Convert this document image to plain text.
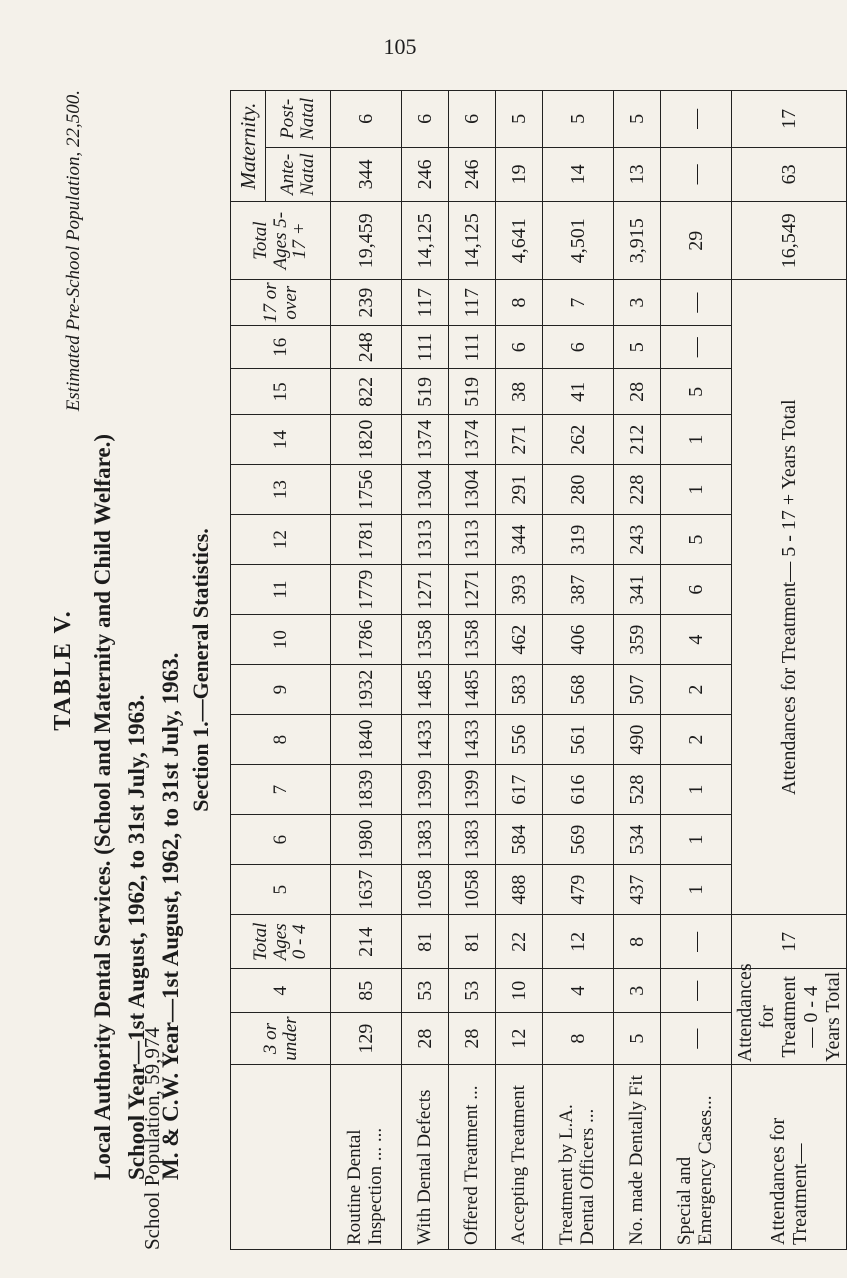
105
TABLE V. Local Authority Dental Services. (School and Maternity and Child Welfare.) School Year—1st August, 1962, to 31st July, 1963. M. & C.W. Year—1st August, 1962, to 31st July, 1963.
School Population, 59,974
Estimated Pre-School Population, 22,500.
Section 1.—General Statistics.
	3 or under	4	Total Ages 0 - 4	5	6	7	8	9	10	11	12	13	14	15	16	17 or over	Total Ages 5-17 +	Maternity.	
																		Ante-Natal	Post-Natal
Routine Dental Inspection ... ...	129	85	214	1637	1980	1839	1840	1932	1786	1779	1781	1756	1820	822	248	239	19,459	344	6
With Dental Defects	28	53	81	1058	1383	1399	1433	1485	1358	1271	1313	1304	1374	519	111	117	14,125	246	6
Offered Treatment ...	28	53	81	1058	1383	1399	1433	1485	1358	1271	1313	1304	1374	519	111	117	14,125	246	6
Accepting Treatment	12	10	22	488	584	617	556	583	462	393	344	291	271	38	6	8	4,641	19	5
Treatment by L.A. Dental Officers ...	8	4	12	479	569	616	561	568	406	387	319	280	262	41	6	7	4,501	14	5
No. made Dentally Fit	5	3	8	437	534	528	490	507	359	341	243	228	212	28	5	3	3,915	13	5
Special and Emergency Cases...	—	—	—	1	1	1	2	2	4	6	5	1	1	5	—	—	29	—	—
Attendances for Treatment—	Attendances for Treatment— 0 - 4 Years Total		17	Attendances for Treatment— 5 - 17 + Years Total													16,549	63	17
